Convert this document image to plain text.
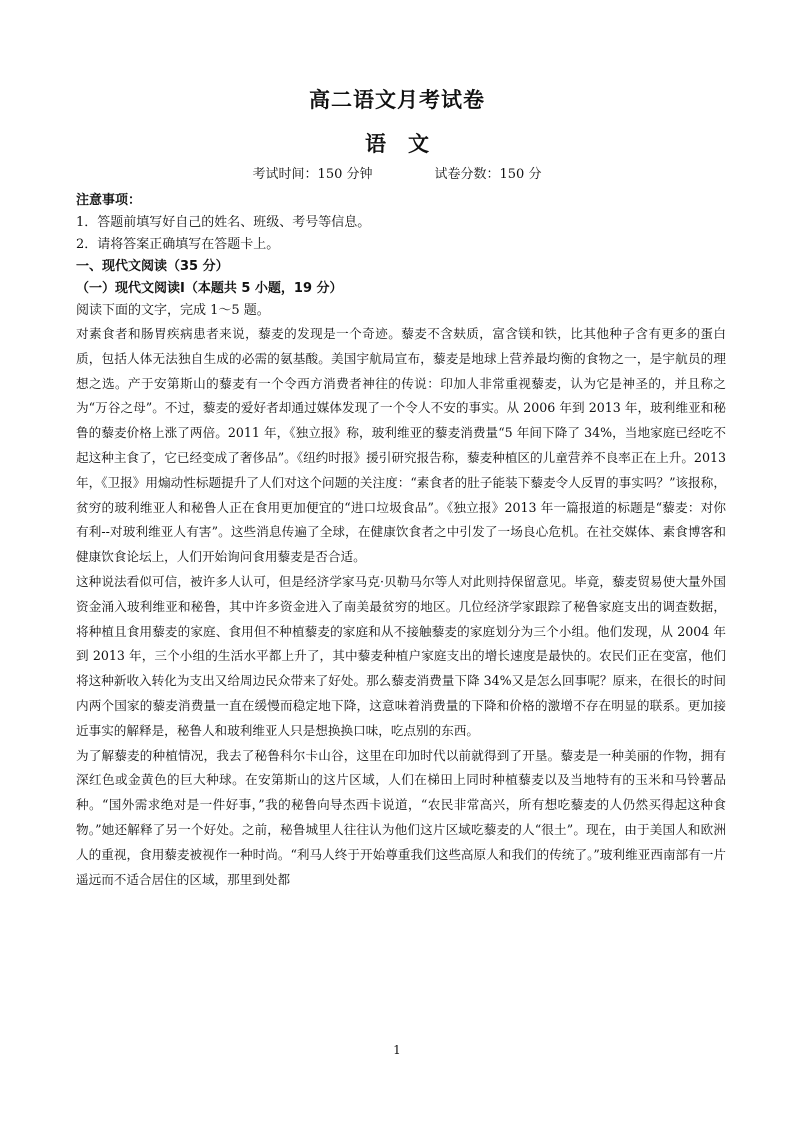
高二语文月考试卷
语文
考试时间：150 分钟	试卷分数：150 分
注意事项：
1．答题前填写好自己的姓名、班级、考号等信息。
2．请将答案正确填写在答题卡上。
一、现代文阅读（35 分）
（一）现代文阅读Ⅰ（本题共 5 小题，19 分）
阅读下面的文字，完成 1～5 题。
对素食者和肠胃疾病患者来说，藜麦的发现是一个奇迹。藜麦不含麸质，富含镁和铁，比其他种子含有更多的蛋白质，包括人体无法独自生成的必需的氨基酸。美国宇航局宣布，藜麦是地球上营养最均衡的食物之一，是宇航员的理想之选。产于安第斯山的藜麦有一个令西方消费者神往的传说：印加人非常重视藜麦，认为它是神圣的，并且称之为“万谷之母”。不过，藜麦的爱好者却通过媒体发现了一个令人不安的事实。从 2006 年到 2013 年，玻利维亚和秘鲁的藜麦价格上涨了两倍。2011 年，《独立报》称，玻利维亚的藜麦消费量“5 年间下降了 34%，当地家庭已经吃不起这种主食了，它已经变成了奢侈品”。《纽约时报》援引研究报告称，藜麦种植区的儿童营养不良率正在上升。2013 年，《卫报》用煽动性标题提升了人们对这个问题的关注度：“素食者的肚子能装下藜麦令人反胃的事实吗？”该报称，贫穷的玻利维亚人和秘鲁人正在食用更加便宜的“进口垃圾食品”。《独立报》2013 年一篇报道的标题是“藜麦：对你有利--对玻利维亚人有害”。这些消息传遍了全球，在健康饮食者之中引发了一场良心危机。在社交媒体、素食博客和健康饮食论坛上，人们开始询问食用藜麦是否合适。
这种说法看似可信，被许多人认可，但是经济学家马克·贝勒马尔等人对此则持保留意见。毕竟，藜麦贸易使大量外国资金涌入玻利维亚和秘鲁，其中许多资金进入了南美最贫穷的地区。几位经济学家跟踪了秘鲁家庭支出的调查数据，将种植且食用藜麦的家庭、食用但不种植藜麦的家庭和从不接触藜麦的家庭划分为三个小组。他们发现，从 2004 年到 2013 年，三个小组的生活水平都上升了，其中藜麦种植户家庭支出的增长速度是最快的。农民们正在变富，他们将这种新收入转化为支出又给周边民众带来了好处。那么藜麦消费量下降 34%又是怎么回事呢？原来，在很长的时间内两个国家的藜麦消费量一直在缓慢而稳定地下降，这意味着消费量的下降和价格的激增不存在明显的联系。更加接近事实的解释是，秘鲁人和玻利维亚人只是想换换口味，吃点别的东西。
为了解藜麦的种植情况，我去了秘鲁科尔卡山谷，这里在印加时代以前就得到了开垦。藜麦是一种美丽的作物，拥有深红色或金黄色的巨大种球。在安第斯山的这片区域，人们在梯田上同时种植藜麦以及当地特有的玉米和马铃薯品种。“国外需求绝对是一件好事，”我的秘鲁向导杰西卡说道，“农民非常高兴，所有想吃藜麦的人仍然买得起这种食物。”她还解释了另一个好处。之前，秘鲁城里人往往认为他们这片区域吃藜麦的人“很土”。现在，由于美国人和欧洲人的重视，食用藜麦被视作一种时尚。“利马人终于开始尊重我们这些高原人和我们的传统了。”玻利维亚西南部有一片遥远而不适合居住的区域，那里到处都
1
